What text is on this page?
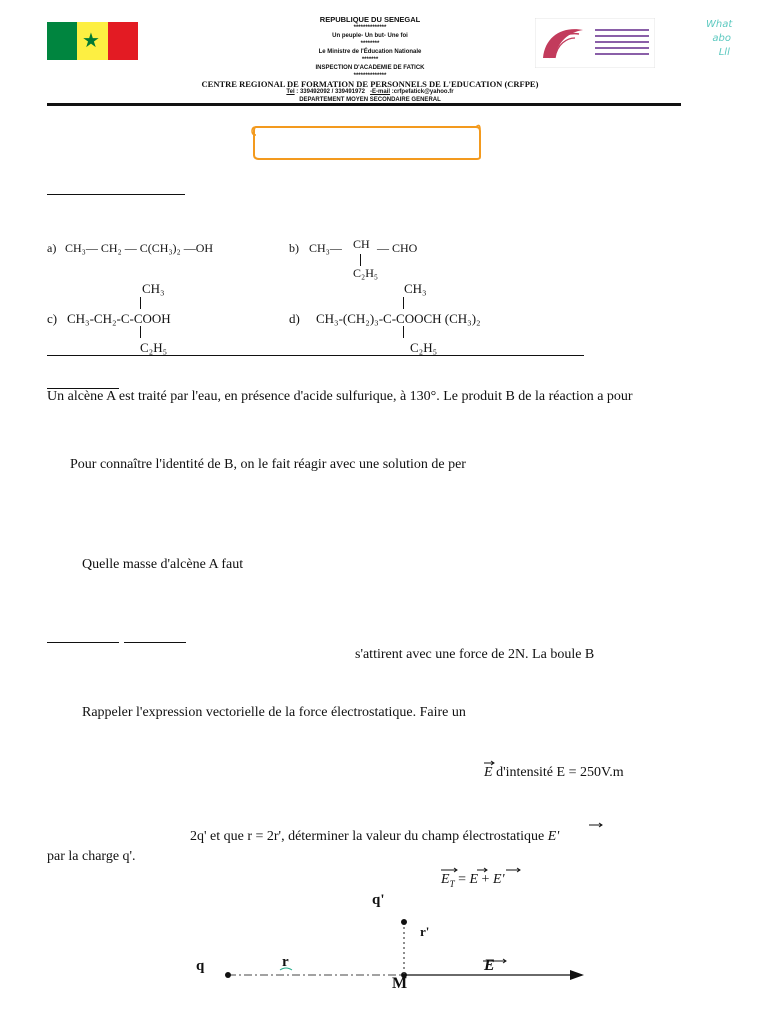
★
REPUBLIQUE DU SENEGAL
**************
Un peuple- Un but- Une foi
********
Le Ministre de l'Éducation Nationale
*******
INSPECTION D'ACADEMIE DE FATICK
**************
CENTRE REGIONAL DE FORMATION DE PERSONNELS DE L'EDUCATION (CRFPE)
Tel : 339492092 / 339491972 -E-mail :crfpefatick@yahoo.fr
DEPARTEMENT MOYEN SECONDAIRE GENERAL
What
abo
Lll
a) CH₃— CH₂ — C(CH₃)₂ —OH	b) CH₃— CH — CHO
C₂H₅
CH₃
c) CH₃-CH₂-C-COOH
C₂H₅
CH₃
d) CH₃-(CH₂)₃-C-COOCH (CH₃)₂
C₂H₅
Un alcène A est traité par l'eau, en présence d'acide sulfurique, à 130°. Le produit B de la réaction a pour
Pour connaître l'identité de B, on le fait réagir avec une solution de per
Quelle masse d'alcène A faut
s'attirent avec une force de 2N. La boule B
Rappeler l'expression vectorielle de la force électrostatique. Faire un
E d'intensité E = 250V.m
2q' et que r = 2r', déterminer la valeur du champ électrostatique E'
par la charge q'.
$E_T = E + E'$
q	r
M
E
q'
r'
